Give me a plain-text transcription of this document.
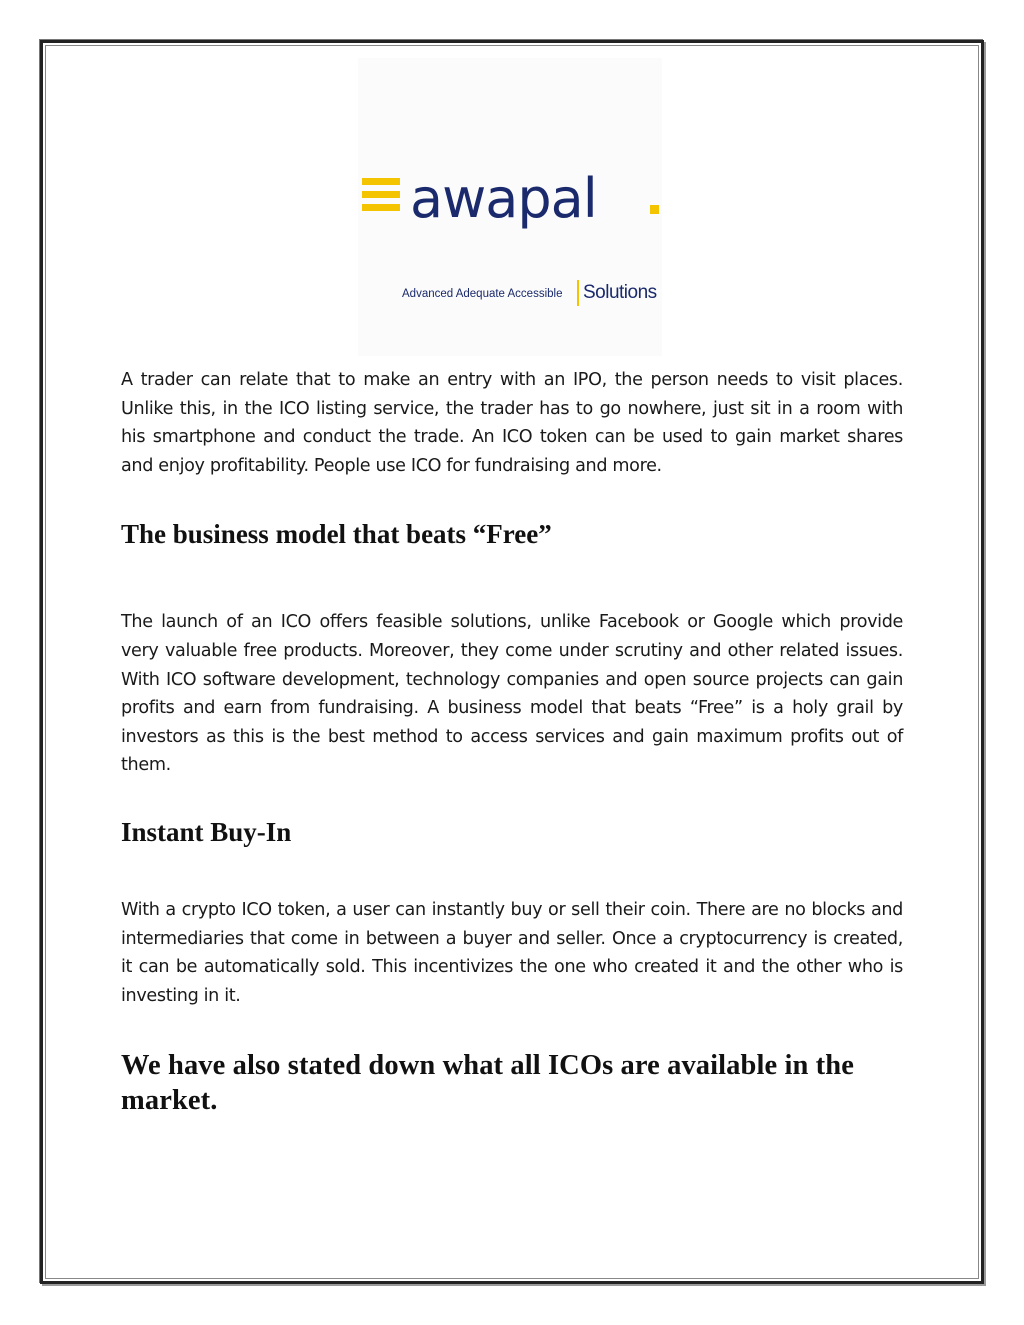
awapal
Advanced Adequate Accessible Solutions

A trader can relate that to make an entry with an IPO, the person needs to visit places. Unlike this, in the ICO listing service, the trader has to go nowhere, just sit in a room with his smartphone and conduct the trade. An ICO token can be used to gain market shares and enjoy profitability. People use ICO for fundraising and more.

The business model that beats “Free”

The launch of an ICO offers feasible solutions, unlike Facebook or Google which provide very valuable free products. Moreover, they come under scrutiny and other related issues. With ICO software development, technology companies and open source projects can gain profits and earn from fundraising. A business model that beats “Free” is a holy grail by investors as this is the best method to access services and gain maximum profits out of them.

Instant Buy-In

With a crypto ICO token, a user can instantly buy or sell their coin. There are no blocks and intermediaries that come in between a buyer and seller. Once a cryptocurrency is created, it can be automatically sold. This incentivizes the one who created it and the other who is investing in it.

We have also stated down what all ICOs are available in the market.
